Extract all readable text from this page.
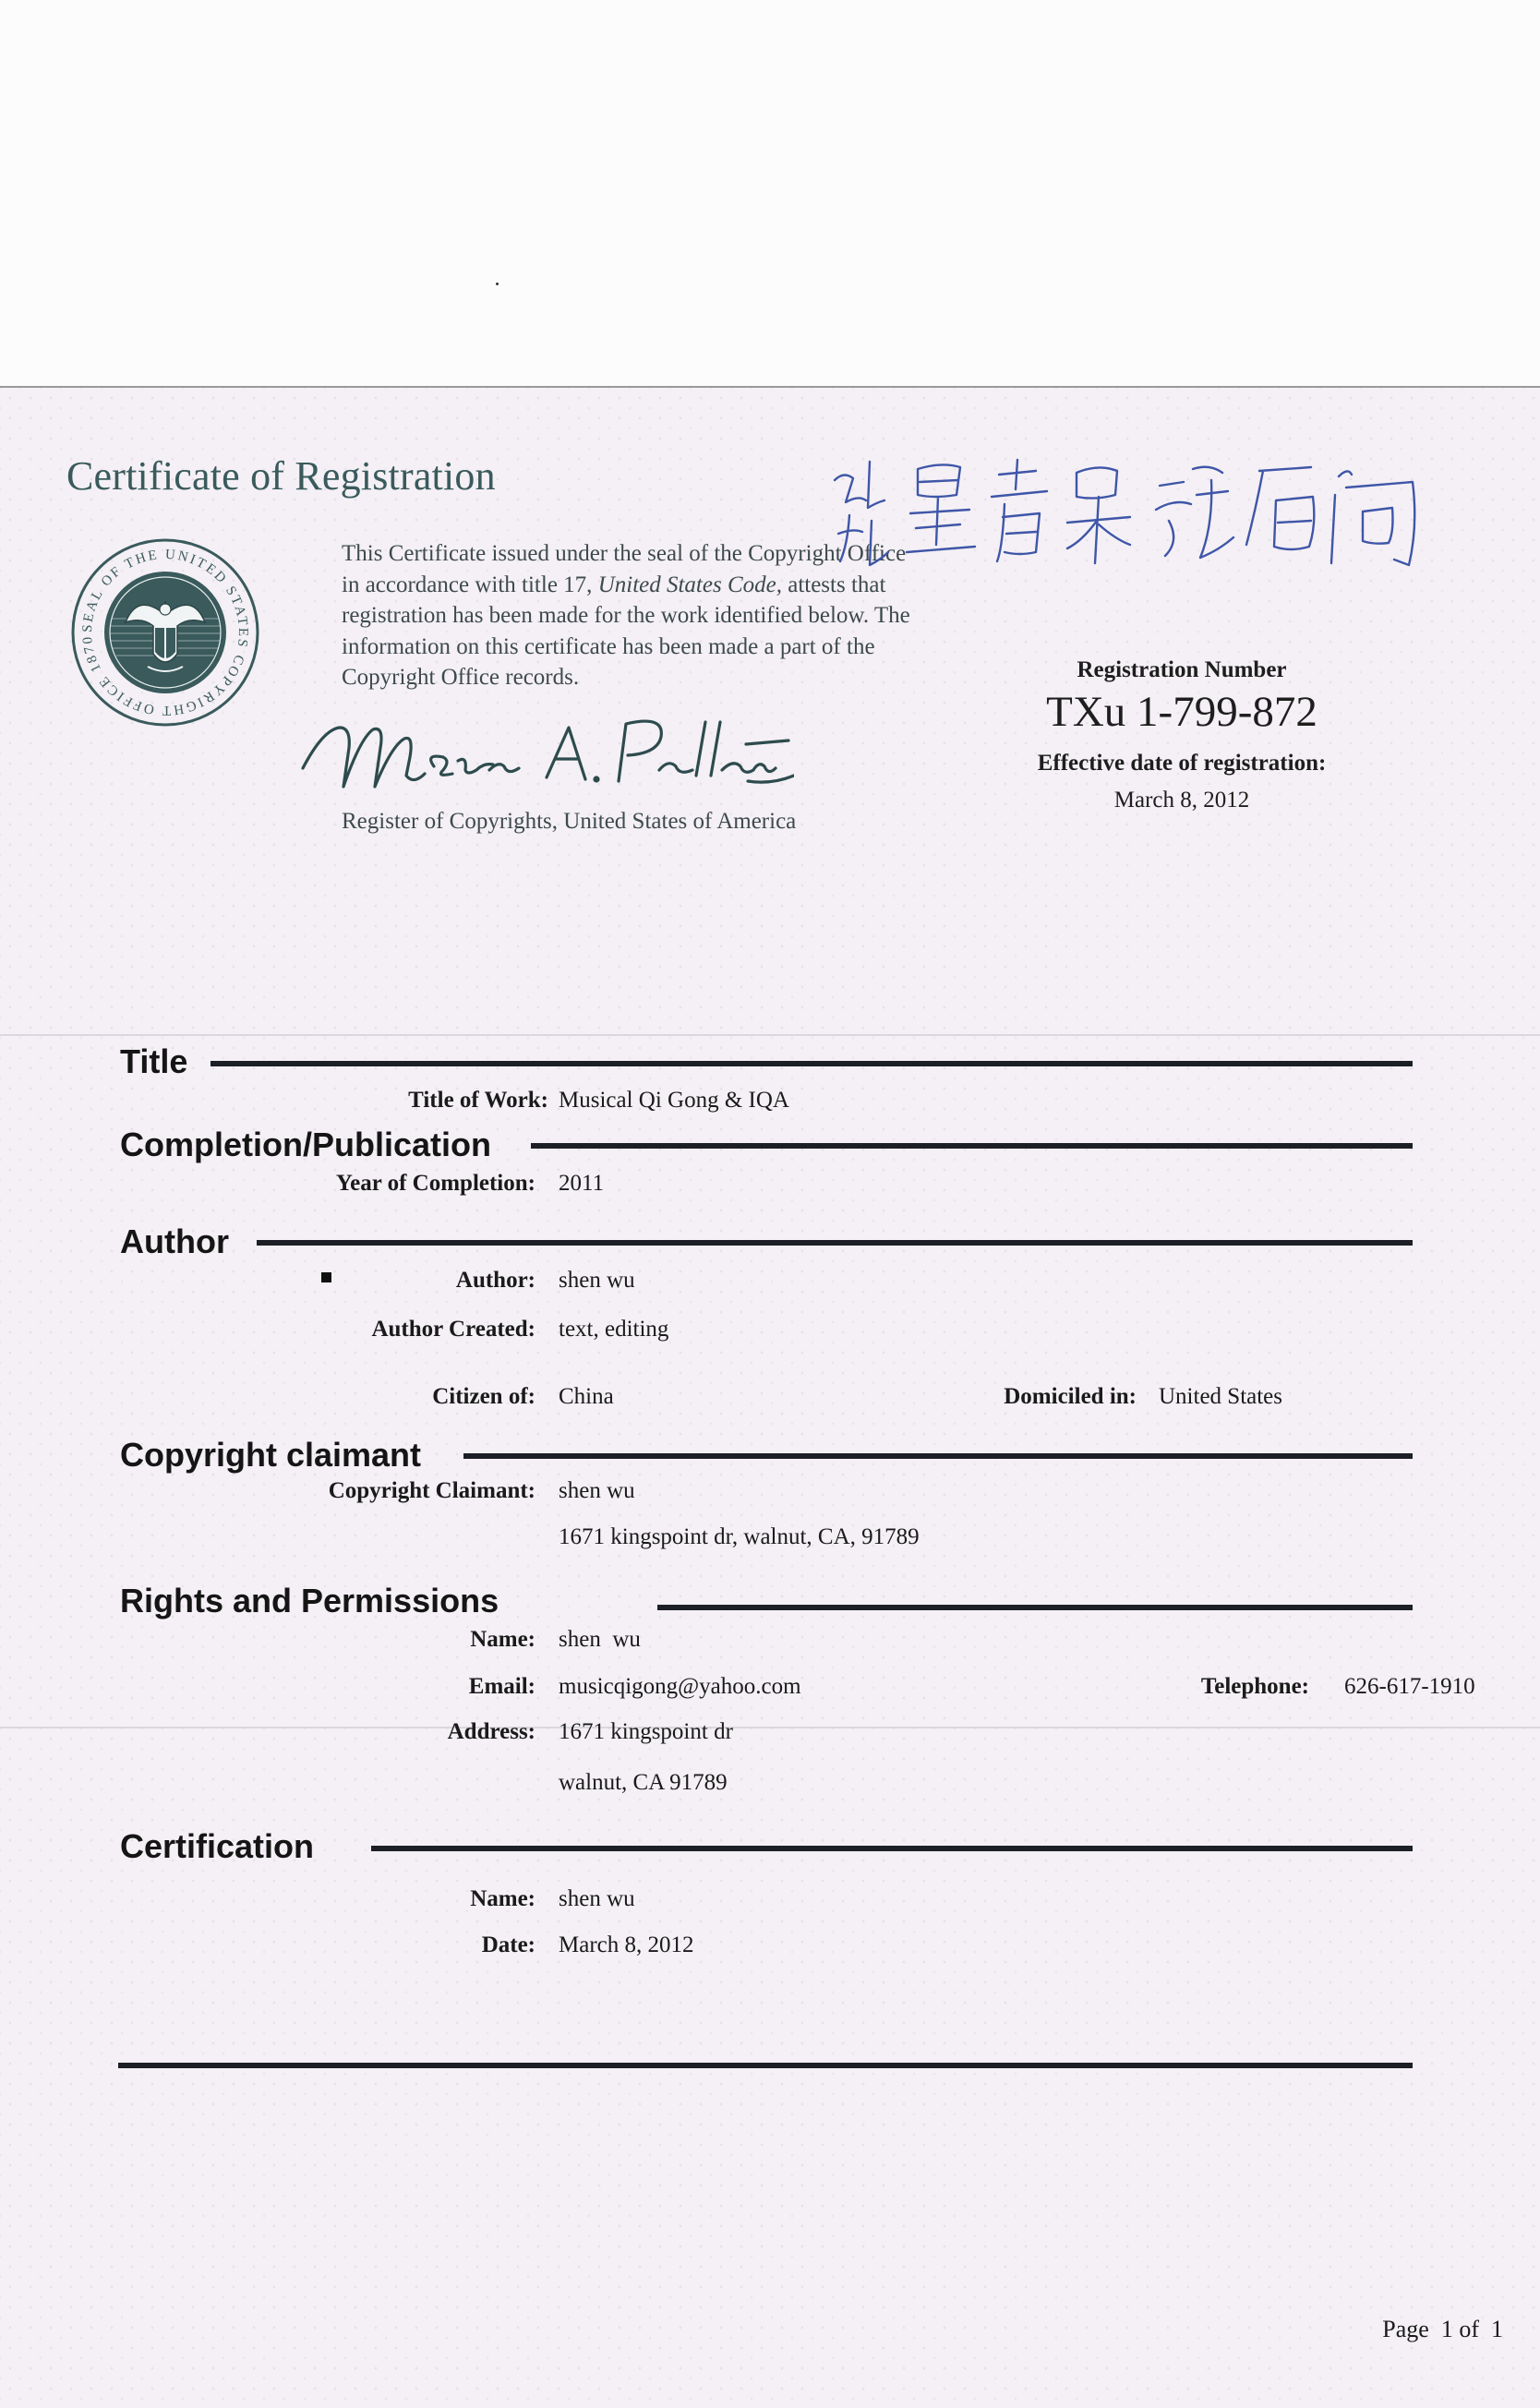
Certificate of Registration
SEAL OF THE UNITED STATES COPYRIGHT OFFICE 1870
This Certificate issued under the seal of the Copyright Office in accordance with title 17, United States Code, attests that registration has been made for the work identified below. The information on this certificate has been made a part of the Copyright Office records.
Register of Copyrights, United States of America
Registration Number
TXu 1-799-872
Effective date of registration:
March 8, 2012
Title
Title of Work: Musical Qi Gong & IQA
Completion/Publication
Year of Completion: 2011
Author
Author: shen wu
Author Created: text, editing
Citizen of: China	Domiciled in: United States
Copyright claimant
Copyright Claimant: shen wu
1671 kingspoint dr, walnut, CA, 91789
Rights and Permissions
Name: shen  wu
Email: musicqigong@yahoo.com	Telephone: 626-617-1910
Address: 1671 kingspoint dr
walnut, CA 91789
Certification
Name: shen wu
Date: March 8, 2012
Page  1 of  1
